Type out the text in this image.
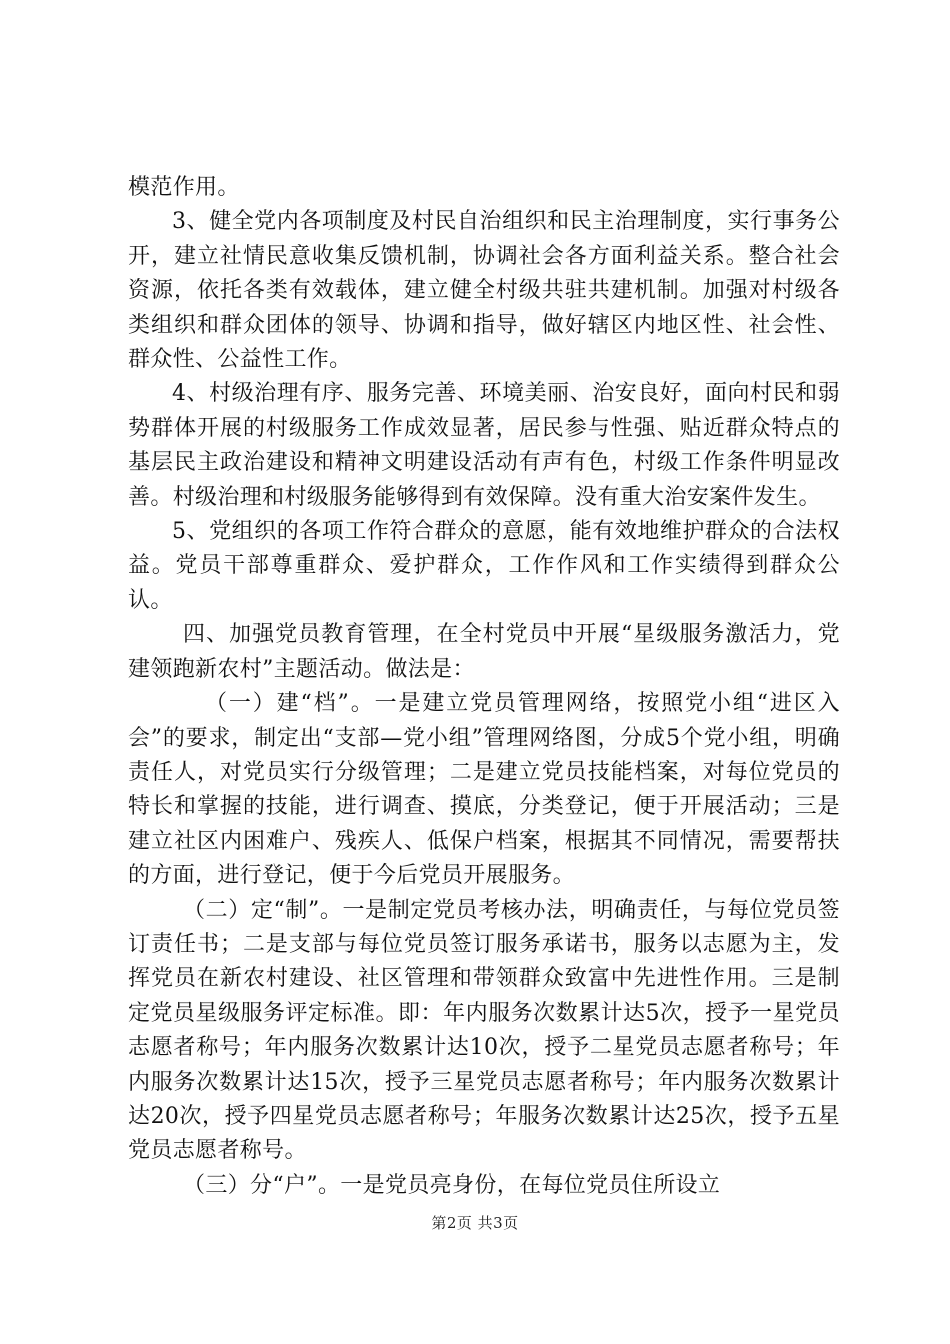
模范作用。

3、健全党内各项制度及村民自治组织和民主治理制度，实行事务公开，建立社情民意收集反馈机制，协调社会各方面利益关系。整合社会资源，依托各类有效载体，建立健全村级共驻共建机制。加强对村级各类组织和群众团体的领导、协调和指导，做好辖区内地区性、社会性、群众性、公益性工作。

4、村级治理有序、服务完善、环境美丽、治安良好，面向村民和弱势群体开展的村级服务工作成效显著，居民参与性强、贴近群众特点的基层民主政治建设和精神文明建设活动有声有色，村级工作条件明显改善。村级治理和村级服务能够得到有效保障。没有重大治安案件发生。

5、党组织的各项工作符合群众的意愿，能有效地维护群众的合法权益。党员干部尊重群众、爱护群众，工作作风和工作实绩得到群众公认。

四、加强党员教育管理，在全村党员中开展“星级服务激活力，党建领跑新农村”主题活动。做法是：

（一）建“档”。一是建立党员管理网络，按照党小组“进区入会”的要求，制定出“支部—党小组”管理网络图，分成5个党小组，明确责任人，对党员实行分级管理；二是建立党员技能档案，对每位党员的特长和掌握的技能，进行调查、摸底，分类登记，便于开展活动；三是建立社区内困难户、残疾人、低保户档案，根据其不同情况，需要帮扶的方面，进行登记，便于今后党员开展服务。

（二）定“制”。一是制定党员考核办法，明确责任，与每位党员签订责任书；二是支部与每位党员签订服务承诺书，服务以志愿为主，发挥党员在新农村建设、社区管理和带领群众致富中先进性作用。三是制定党员星级服务评定标准。即：年内服务次数累计达5次，授予一星党员志愿者称号；年内服务次数累计达10次，授予二星党员志愿者称号；年内服务次数累计达15次，授予三星党员志愿者称号；年内服务次数累计达20次，授予四星党员志愿者称号；年服务次数累计达25次，授予五星党员志愿者称号。

（三）分“户”。一是党员亮身份，在每位党员住所设立

第2页 共3页
